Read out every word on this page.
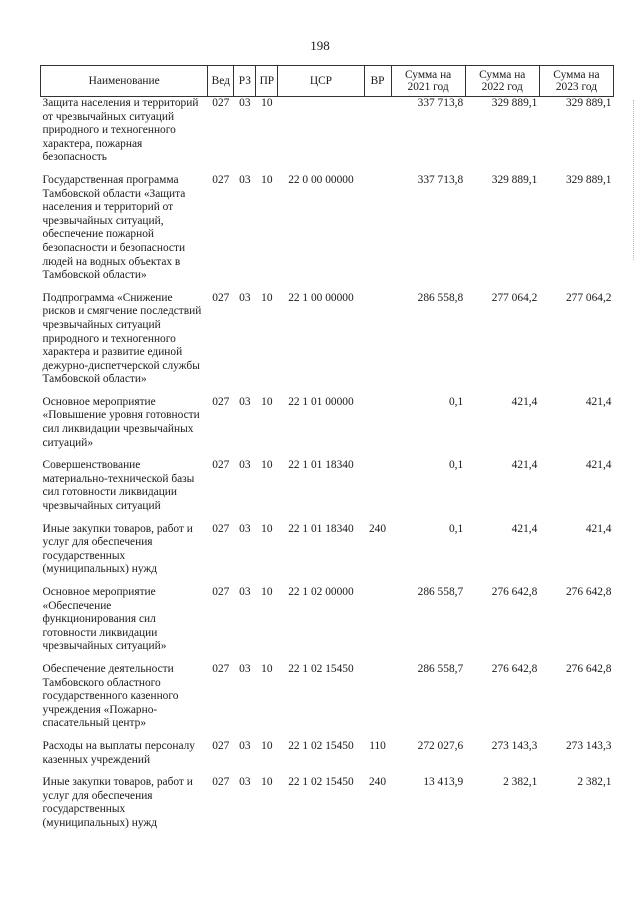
198
Наименование	Вед	РЗ	ПР	ЦСР	ВР	Сумма на 2021 год	Сумма на 2022 год	Сумма на 2023 год
Защита населения и территорий от чрезвычайных ситуаций природного и техногенного характера, пожарная безопасность	027	03	10			337 713,8	329 889,1	329 889,1
Государственная программа Тамбовской области «Защита населения и территорий от чрезвычайных ситуаций, обеспечение пожарной безопасности и безопасности людей на водных объектах в Тамбовской области»	027	03	10	22 0 00 00000		337 713,8	329 889,1	329 889,1
Подпрограмма «Снижение рисков и смягчение последствий чрезвычайных ситуаций природного и техногенного характера и развитие единой дежурно-диспетчерской службы Тамбовской области»	027	03	10	22 1 00 00000		286 558,8	277 064,2	277 064,2
Основное мероприятие «Повышение уровня готовности сил ликвидации чрезвычайных ситуаций»	027	03	10	22 1 01 00000		0,1	421,4	421,4
Совершенствование материально-технической базы сил готовности ликвидации чрезвычайных ситуаций	027	03	10	22 1 01 18340		0,1	421,4	421,4
Иные закупки товаров, работ и услуг для обеспечения государственных (муниципальных) нужд	027	03	10	22 1 01 18340	240	0,1	421,4	421,4
Основное мероприятие «Обеспечение функционирования сил готовности ликвидации чрезвычайных ситуаций»	027	03	10	22 1 02 00000		286 558,7	276 642,8	276 642,8
Обеспечение деятельности Тамбовского областного государственного казенного учреждения «Пожарно-спасательный центр»	027	03	10	22 1 02 15450		286 558,7	276 642,8	276 642,8
Расходы на выплаты персоналу казенных учреждений	027	03	10	22 1 02 15450	110	272 027,6	273 143,3	273 143,3
Иные закупки товаров, работ и услуг для обеспечения государственных (муниципальных) нужд	027	03	10	22 1 02 15450	240	13 413,9	2 382,1	2 382,1
